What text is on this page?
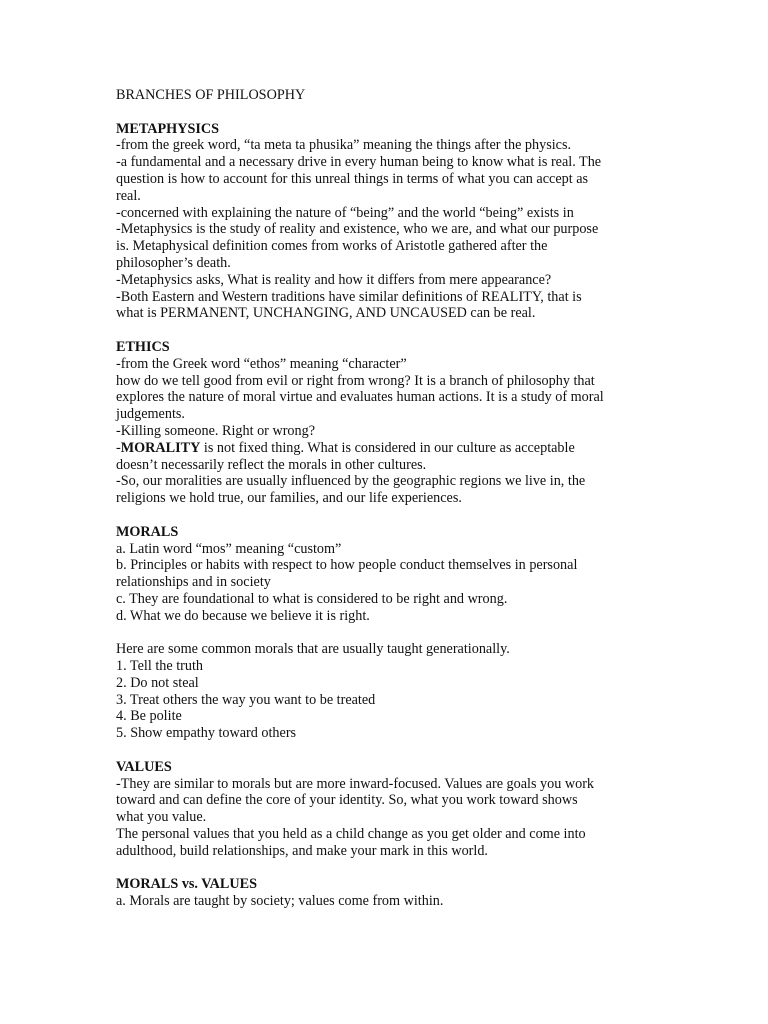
BRANCHES OF PHILOSOPHY
METAPHYSICS
-from the greek word, “ta meta ta phusika” meaning the things after the physics.
-a fundamental and a necessary drive in every human being to know what is real. The
question is how to account for this unreal things in terms of what you can accept as
real.
-concerned with explaining the nature of “being” and the world “being” exists in
-Metaphysics is the study of reality and existence, who we are, and what our purpose
is. Metaphysical definition comes from works of Aristotle gathered after the
philosopher’s death.
-Metaphysics asks, What is reality and how it differs from mere appearance?
-Both Eastern and Western traditions have similar definitions of REALITY, that is
what is PERMANENT, UNCHANGING, AND UNCAUSED can be real.
ETHICS
-from the Greek word “ethos” meaning “character”
how do we tell good from evil or right from wrong? It is a branch of philosophy that
explores the nature of moral virtue and evaluates human actions. It is a study of moral
judgements.
-Killing someone. Right or wrong?
-MORALITY is not fixed thing. What is considered in our culture as acceptable
doesn’t necessarily reflect the morals in other cultures.
-So, our moralities are usually influenced by the geographic regions we live in, the
religions we hold true, our families, and our life experiences.
MORALS
a. Latin word “mos” meaning “custom”
b. Principles or habits with respect to how people conduct themselves in personal
relationships and in society
c. They are foundational to what is considered to be right and wrong.
d. What we do because we believe it is right.
Here are some common morals that are usually taught generationally.
1. Tell the truth
2. Do not steal
3. Treat others the way you want to be treated
4. Be polite
5. Show empathy toward others
VALUES
-They are similar to morals but are more inward-focused. Values are goals you work
toward and can define the core of your identity. So, what you work toward shows
what you value.
The personal values that you held as a child change as you get older and come into
adulthood, build relationships, and make your mark in this world.
MORALS vs. VALUES
a. Morals are taught by society; values come from within.
